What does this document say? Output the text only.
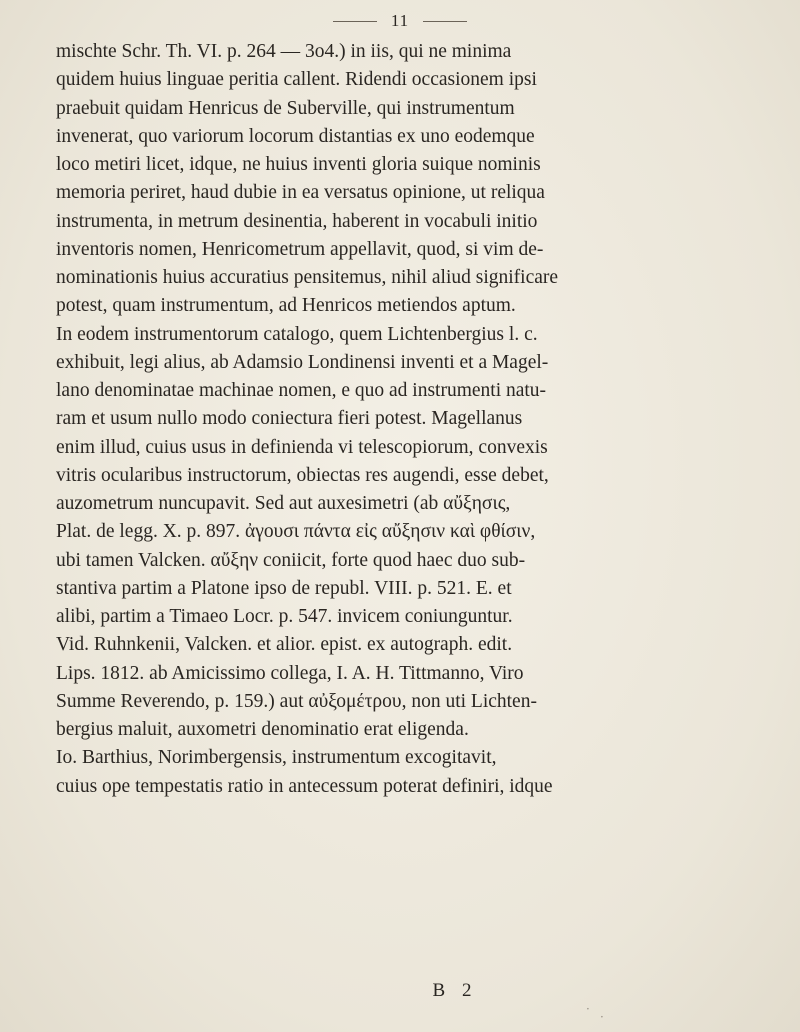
11
mischte Schr. Th. VI. p. 264 — 3o4.) in iis, qui ne minima
quidem huius linguae peritia callent. Ridendi occasionem ipsi
praebuit quidam Henricus de Suberville, qui instrumentum
invenerat, quo variorum locorum distantias ex uno eodemque
loco metiri licet, idque, ne huius inventi gloria suique nominis
memoria periret, haud dubie in ea versatus opinione, ut reliqua
instrumenta, in metrum desinentia, haberent in vocabuli initio
inventoris nomen, Henricometrum appellavit, quod, si vim de-
nominationis huius accuratius pensitemus, nihil aliud significare
potest, quam instrumentum, ad Henricos metiendos aptum.
In eodem instrumentorum catalogo, quem Lichtenbergius l. c.
exhibuit, legi alius, ab Adamsio Londinensi inventi et a Magel-
lano denominatae machinae nomen, e quo ad instrumenti natu-
ram et usum nullo modo coniectura fieri potest. Magellanus
enim illud, cuius usus in definienda vi telescopiorum, convexis
vitris ocularibus instructorum, obiectas res augendi, esse debet,
auzometrum nuncupavit. Sed aut auxesimetri (ab αὔξησις,
Plat. de legg. X. p. 897. ἀγουσι πάντα εἰς αὔξησιν καὶ φθίσιν,
ubi tamen Valcken. αὔξην coniicit, forte quod haec duo sub-
stantiva partim a Platone ipso de republ. VIII. p. 521. E. et
alibi, partim a Timaeo Locr. p. 547. invicem coniunguntur.
Vid. Ruhnkenii, Valcken. et alior. epist. ex autograph. edit.
Lips. 1812. ab Amicissimo collega, I. A. H. Tittmanno, Viro
Summe Reverendo, p. 159.) aut αὐξομέτρου, non uti Lichten-
bergius maluit, auxometri denominatio erat eligenda.
Io. Barthius, Norimbergensis, instrumentum excogitavit,
cuius ope tempestatis ratio in antecessum poterat definiri, idque
B 2
·
·
